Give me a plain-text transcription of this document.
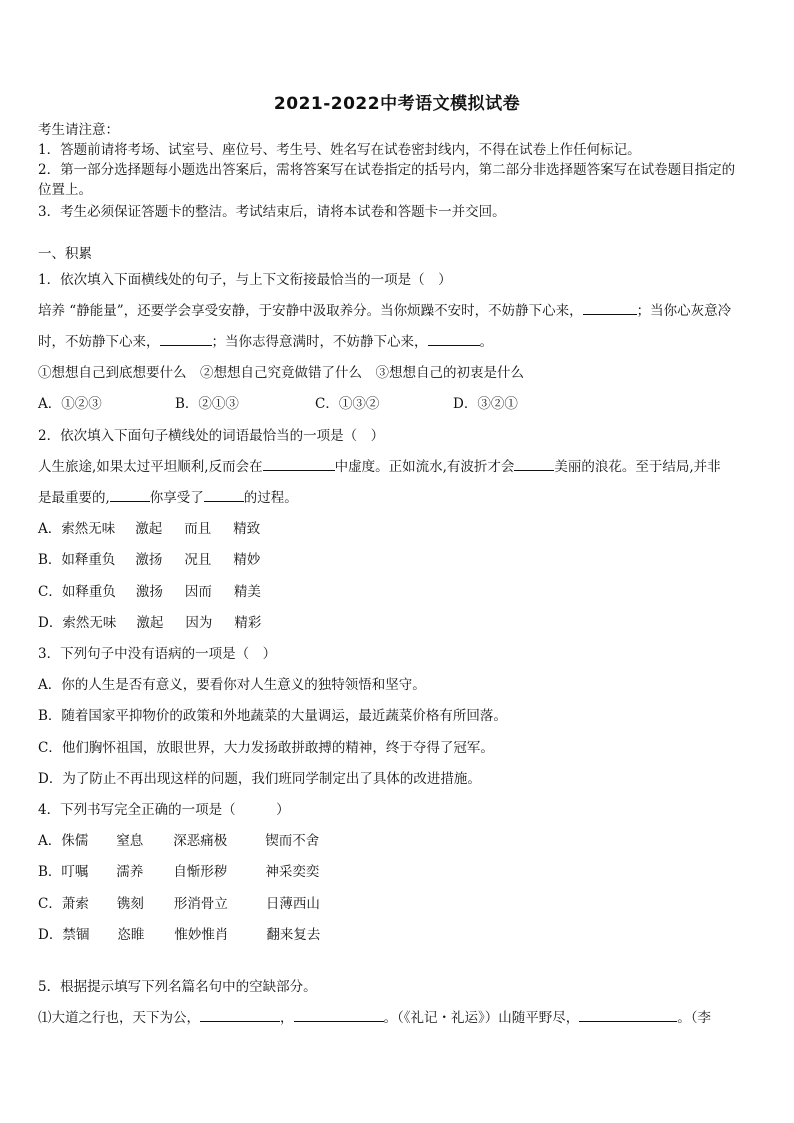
2021-2022中考语文模拟试卷
考生请注意：
1．答题前请将考场、试室号、座位号、考生号、姓名写在试卷密封线内，不得在试卷上作任何标记。
2．第一部分选择题每小题选出答案后，需将答案写在试卷指定的括号内，第二部分非选择题答案写在试卷题目指定的
位置上。
3．考生必须保证答题卡的整洁。考试结束后，请将本试卷和答题卡一并交回。
一、积累
1．依次填入下面横线处的句子，与上下文衔接最恰当的一项是（　）
培养 “静能量”，还要学会享受安静，于安静中汲取养分。当你烦躁不安时，不妨静下心来，	；当你心灰意冷
时，不妨静下心来，	；当你志得意满时，不妨静下心来，	。
①想想自己到底想要什么　②想想自己究竟做错了什么　③想想自己的初衷是什么
A．①②③	B．②①③	C．①③②	D．③②①
2．依次填入下面句子横线处的词语最恰当的一项是（　）
人生旅途,如果太过平坦顺利,反而会在	中虚度。正如流水,有波折才会	美丽的浪花。至于结局,并非
是最重要的,	你享受了	的过程。
A．索然无味 激起 而且 精致
B．如释重负 激扬 况且 精妙
C．如释重负 激扬 因而 精美
D．索然无味 激起 因为 精彩
3．下列句子中没有语病的一项是（　）
A．你的人生是否有意义，要看你对人生意义的独特领悟和坚守。
B．随着国家平抑物价的政策和外地蔬菜的大量调运，最近蔬菜价格有所回落。
C．他们胸怀祖国，放眼世界，大力发扬敢拼敢搏的精神，终于夺得了冠军。
D．为了防止不再出现这样的问题，我们班同学制定出了具体的改进措施。
4．下列书写完全正确的一项是（　　　）
A．侏儒 窒息 深恶痛极	锲而不舍
B．叮嘱 濡养 自惭形秽	神采奕奕
C．萧索 镌刻 形消骨立	日薄西山
D．禁锢 恣睢 惟妙惟肖	翻来复去
5．根据提示填写下列名篇名句中的空缺部分。
⑴大道之行也，天下为公，	，	。（《礼记・礼运》）山随平野尽，	。（李
